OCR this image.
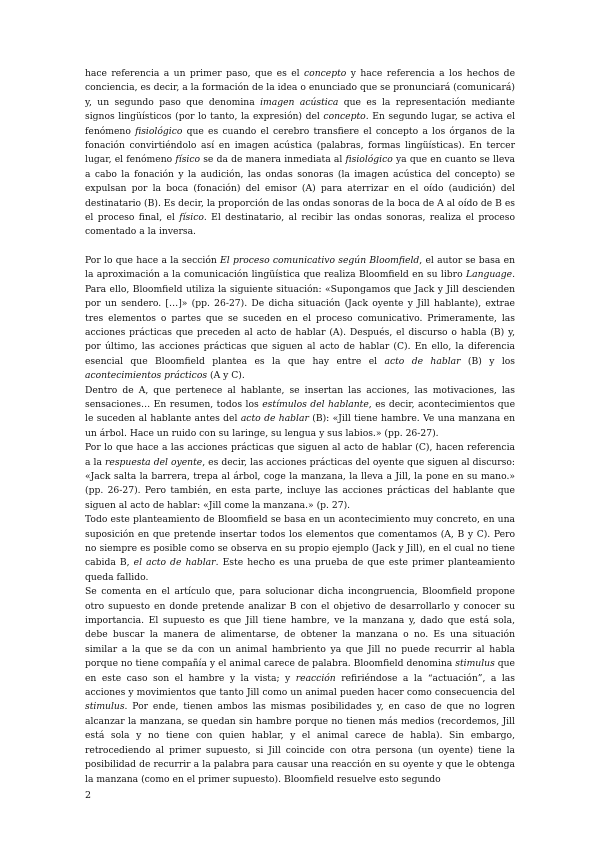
hace referencia a un primer paso, que es el concepto y hace referencia a los hechos de conciencia, es decir, a la formación de la idea o enunciado que se pronunciará (comunicará) y, un segundo paso que denomina imagen acústica que es la representación mediante signos lingüísticos (por lo tanto, la expresión) del concepto. En segundo lugar, se activa el fenómeno fisiológico que es cuando el cerebro transfiere el concepto a los órganos de la fonación convirtiéndolo así en imagen acústica (palabras, formas lingüísticas). En tercer lugar, el fenómeno físico se da de manera inmediata al fisiológico ya que en cuanto se lleva a cabo la fonación y la audición, las ondas sonoras (la imagen acústica del concepto) se expulsan por la boca (fonación) del emisor (A) para aterrizar en el oído (audición) del destinatario (B). Es decir, la proporción de las ondas sonoras de la boca de A al oído de B es el proceso final, el físico. El destinatario, al recibir las ondas sonoras, realiza el proceso comentado a la inversa.

Por lo que hace a la sección El proceso comunicativo según Bloomfield, el autor se basa en la aproximación a la comunicación lingüística que realiza Bloomfield en su libro Language. Para ello, Bloomfield utiliza la siguiente situación: «Supongamos que Jack y Jill descienden por un sendero. […]» (pp. 26-27). De dicha situación (Jack oyente y Jill hablante), extrae tres elementos o partes que se suceden en el proceso comunicativo. Primeramente, las acciones prácticas que preceden al acto de hablar (A). Después, el discurso o habla (B) y, por último, las acciones prácticas que siguen al acto de hablar (C). En ello, la diferencia esencial que Bloomfield plantea es la que hay entre el acto de hablar (B) y los acontecimientos prácticos (A y C).

Dentro de A, que pertenece al hablante, se insertan las acciones, las motivaciones, las sensaciones… En resumen, todos los estímulos del hablante, es decir, acontecimientos que le suceden al hablante antes del acto de hablar (B): «Jill tiene hambre. Ve una manzana en un árbol. Hace un ruido con su laringe, su lengua y sus labios.» (pp. 26-27).

Por lo que hace a las acciones prácticas que siguen al acto de hablar (C), hacen referencia a la respuesta del oyente, es decir, las acciones prácticas del oyente que siguen al discurso: «Jack salta la barrera, trepa al árbol, coge la manzana, la lleva a Jill, la pone en su mano.» (pp. 26-27). Pero también, en esta parte, incluye las acciones prácticas del hablante que siguen al acto de hablar: «Jill come la manzana.» (p. 27).

Todo este planteamiento de Bloomfield se basa en un acontecimiento muy concreto, en una suposición en que pretende insertar todos los elementos que comentamos (A, B y C). Pero no siempre es posible como se observa en su propio ejemplo (Jack y Jill), en el cual no tiene cabida B, el acto de hablar. Este hecho es una prueba de que este primer planteamiento queda fallido.

Se comenta en el artículo que, para solucionar dicha incongruencia, Bloomfield propone otro supuesto en donde pretende analizar B con el objetivo de desarrollarlo y conocer su importancia. El supuesto es que Jill tiene hambre, ve la manzana y, dado que está sola, debe buscar la manera de alimentarse, de obtener la manzana o no. Es una situación similar a la que se da con un animal hambriento ya que Jill no puede recurrir al habla porque no tiene compañía y el animal carece de palabra. Bloomfield denomina stimulus que en este caso son el hambre y la vista; y reacción refiriéndose a la “actuación”, a las acciones y movimientos que tanto Jill como un animal pueden hacer como consecuencia del stimulus. Por ende, tienen ambos las mismas posibilidades y, en caso de que no logren alcanzar la manzana, se quedan sin hambre porque no tienen más medios (recordemos, Jill está sola y no tiene con quien hablar, y el animal carece de habla). Sin embargo, retrocediendo al primer supuesto, si Jill coincide con otra persona (un oyente) tiene la posibilidad de recurrir a la palabra para causar una reacción en su oyente y que le obtenga la manzana (como en el primer supuesto). Bloomfield resuelve esto segundo

2
